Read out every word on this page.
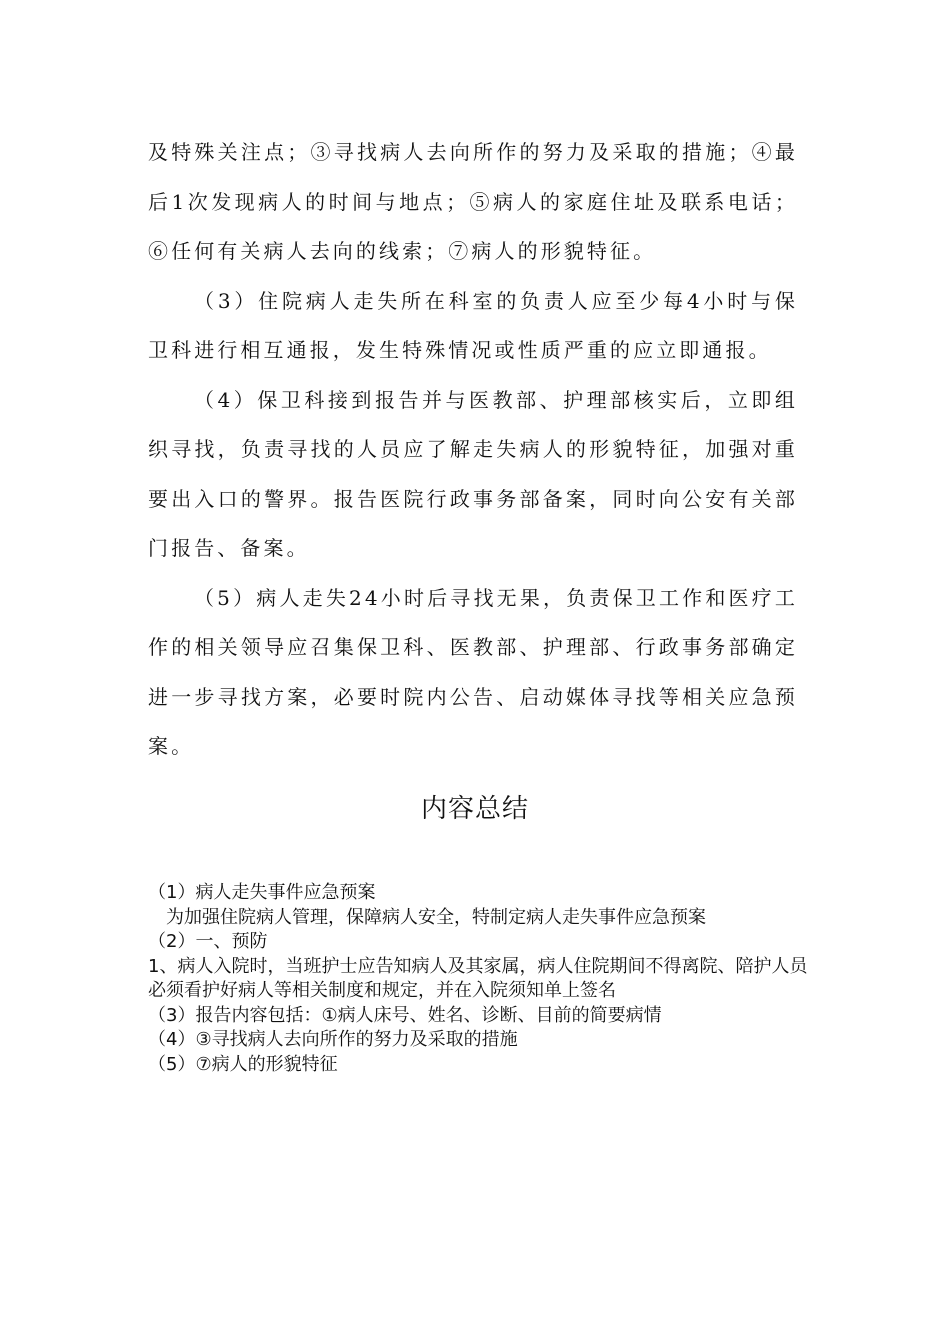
及特殊关注点；③寻找病人去向所作的努力及采取的措施；④最后1次发现病人的时间与地点；⑤病人的家庭住址及联系电话；⑥任何有关病人去向的线索；⑦病人的形貌特征。

（3）住院病人走失所在科室的负责人应至少每4小时与保卫科进行相互通报，发生特殊情况或性质严重的应立即通报。

（4）保卫科接到报告并与医教部、护理部核实后，立即组织寻找，负责寻找的人员应了解走失病人的形貌特征，加强对重要出入口的警界。报告医院行政事务部备案，同时向公安有关部门报告、备案。

（5）病人走失24小时后寻找无果，负责保卫工作和医疗工作的相关领导应召集保卫科、医教部、护理部、行政事务部确定进一步寻找方案，必要时院内公告、启动媒体寻找等相关应急预案。

内容总结

（1）病人走失事件应急预案

为加强住院病人管理，保障病人安全，特制定病人走失事件应急预案

（2）一、预防

1、病人入院时，当班护士应告知病人及其家属，病人住院期间不得离院、陪护人员必须看护好病人等相关制度和规定，并在入院须知单上签名

（3）报告内容包括：①病人床号、姓名、诊断、目前的简要病情

（4）③寻找病人去向所作的努力及采取的措施

（5）⑦病人的形貌特征
